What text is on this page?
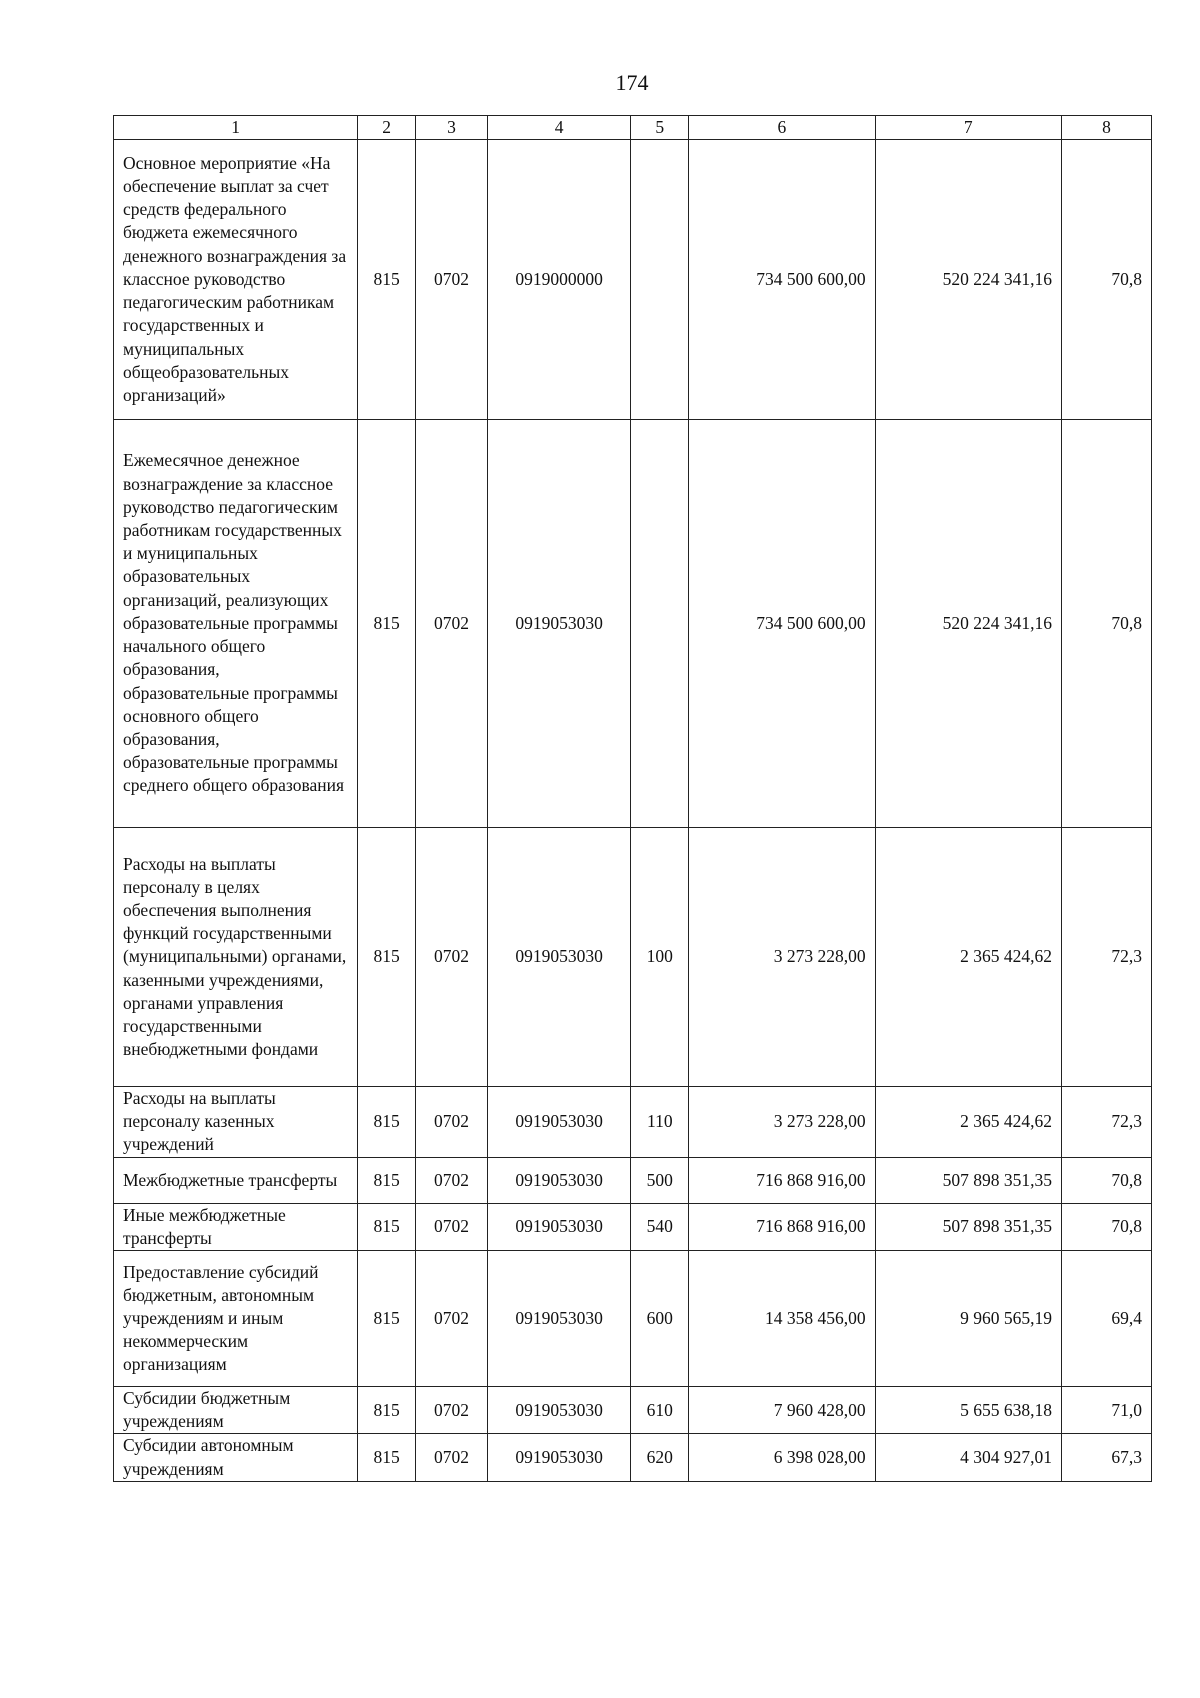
174
1	2	3	4	5	6	7	8
Основное мероприятие «На обеспечение выплат за счет средств федерального бюджета ежемесячного денежного вознаграждения за классное руководство педагогическим работникам государственных и муниципальных общеобразовательных организаций»	815	0702	0919000000		734 500 600,00	520 224 341,16	70,8
Ежемесячное денежное вознаграждение за классное руководство педагогическим работникам государственных и муниципальных образовательных организаций, реализующих образовательные программы начального общего образования, образовательные программы основного общего образования, образовательные программы среднего общего образования	815	0702	0919053030		734 500 600,00	520 224 341,16	70,8
Расходы на выплаты персоналу в целях обеспечения выполнения функций государственными (муниципальными) органами, казенными учреждениями, органами управления государственными внебюджетными фондами	815	0702	0919053030	100	3 273 228,00	2 365 424,62	72,3
Расходы на выплаты персоналу казенных учреждений	815	0702	0919053030	110	3 273 228,00	2 365 424,62	72,3
Межбюджетные трансферты	815	0702	0919053030	500	716 868 916,00	507 898 351,35	70,8
Иные межбюджетные трансферты	815	0702	0919053030	540	716 868 916,00	507 898 351,35	70,8
Предоставление субсидий бюджетным, автономным учреждениям и иным некоммерческим организациям	815	0702	0919053030	600	14 358 456,00	9 960 565,19	69,4
Субсидии бюджетным учреждениям	815	0702	0919053030	610	7 960 428,00	5 655 638,18	71,0
Субсидии автономным учреждениям	815	0702	0919053030	620	6 398 028,00	4 304 927,01	67,3
